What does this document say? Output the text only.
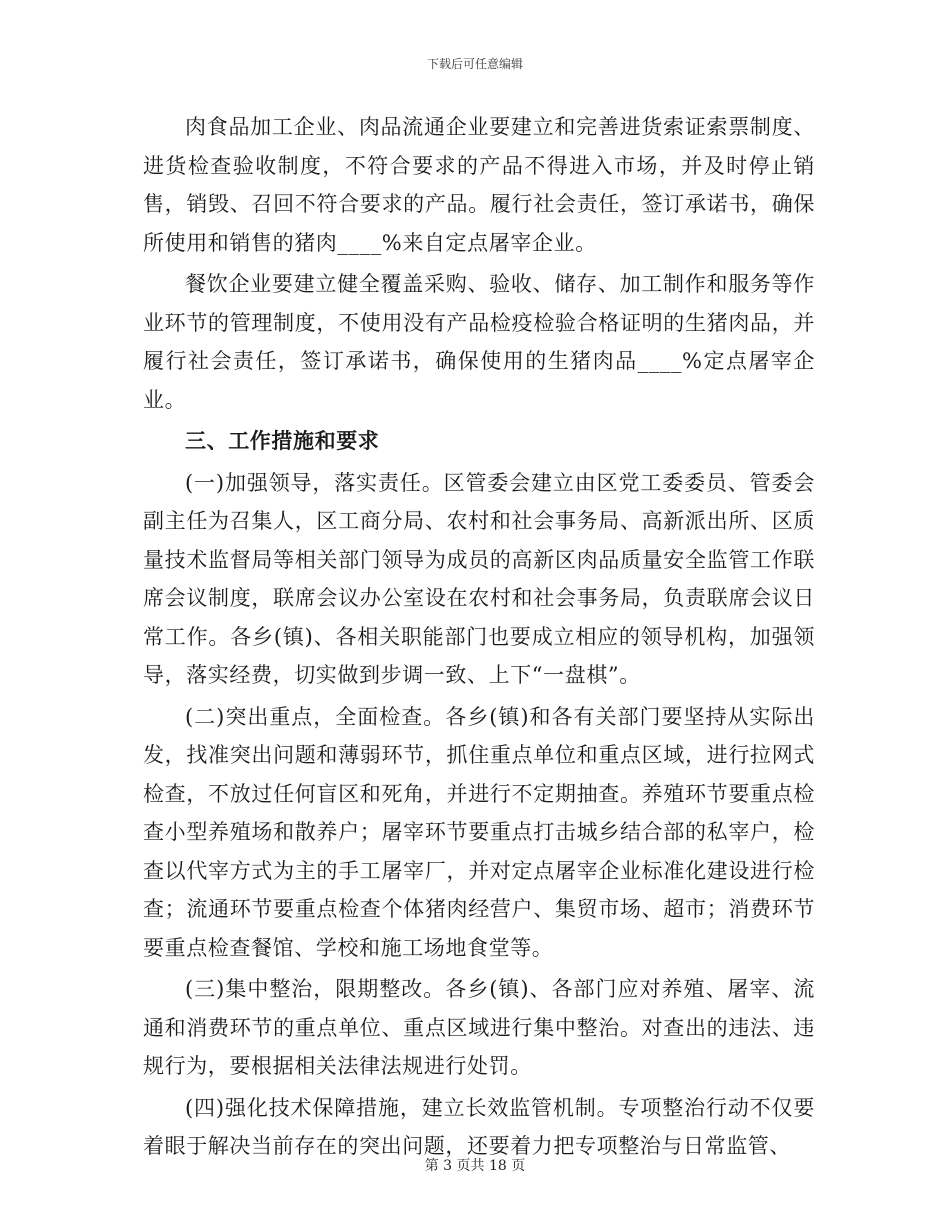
下载后可任意编辑

肉食品加工企业、肉品流通企业要建立和完善进货索证索票制度、进货检查验收制度，不符合要求的产品不得进入市场，并及时停止销售，销毁、召回不符合要求的产品。履行社会责任，签订承诺书，确保所使用和销售的猪肉____%来自定点屠宰企业。

餐饮企业要建立健全覆盖采购、验收、储存、加工制作和服务等作业环节的管理制度，不使用没有产品检疫检验合格证明的生猪肉品，并履行社会责任，签订承诺书，确保使用的生猪肉品____%定点屠宰企业。

三、工作措施和要求

(一)加强领导，落实责任。区管委会建立由区党工委委员、管委会副主任为召集人，区工商分局、农村和社会事务局、高新派出所、区质量技术监督局等相关部门领导为成员的高新区肉品质量安全监管工作联席会议制度，联席会议办公室设在农村和社会事务局，负责联席会议日常工作。各乡(镇)、各相关职能部门也要成立相应的领导机构，加强领导，落实经费，切实做到步调一致、上下“一盘棋”。

(二)突出重点，全面检查。各乡(镇)和各有关部门要坚持从实际出发，找准突出问题和薄弱环节，抓住重点单位和重点区域，进行拉网式检查，不放过任何盲区和死角，并进行不定期抽查。养殖环节要重点检查小型养殖场和散养户；屠宰环节要重点打击城乡结合部的私宰户，检查以代宰方式为主的手工屠宰厂，并对定点屠宰企业标准化建设进行检查；流通环节要重点检查个体猪肉经营户、集贸市场、超市；消费环节要重点检查餐馆、学校和施工场地食堂等。

(三)集中整治，限期整改。各乡(镇)、各部门应对养殖、屠宰、流通和消费环节的重点单位、重点区域进行集中整治。对查出的违法、违规行为，要根据相关法律法规进行处罚。

(四)强化技术保障措施，建立长效监管机制。专项整治行动不仅要着眼于解决当前存在的突出问题，还要着力把专项整治与日常监管、

第 3 页共 18 页
